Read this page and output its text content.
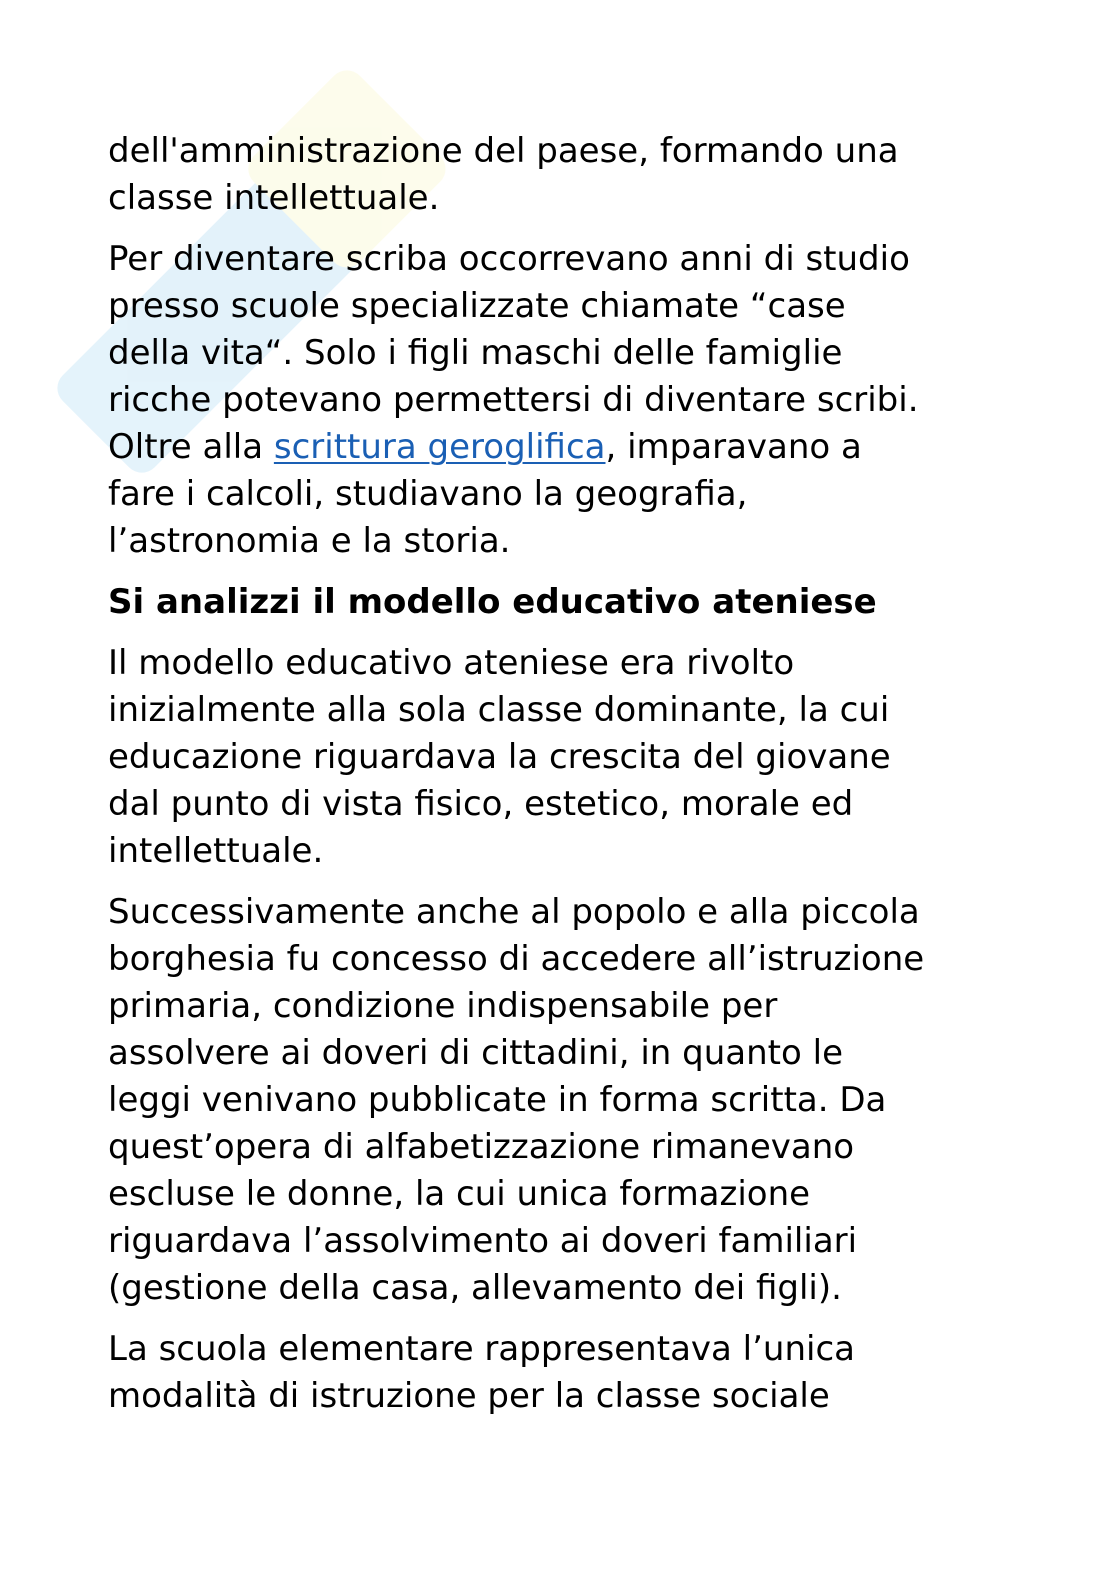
dell'amministrazione del paese, formando una
classe intellettuale.

Per diventare scriba occorrevano anni di studio
presso scuole specializzate chiamate “case
della vita“. Solo i figli maschi delle famiglie
ricche potevano permettersi di diventare scribi.
Oltre alla scrittura geroglifica, imparavano a
fare i calcoli, studiavano la geografia,
l’astronomia e la storia.

Si analizzi il modello educativo ateniese

Il modello educativo ateniese era rivolto
inizialmente alla sola classe dominante, la cui
educazione riguardava la crescita del giovane
dal punto di vista fisico, estetico, morale ed
intellettuale.

Successivamente anche al popolo e alla piccola
borghesia fu concesso di accedere all’istruzione
primaria, condizione indispensabile per
assolvere ai doveri di cittadini, in quanto le
leggi venivano pubblicate in forma scritta. Da
quest’opera di alfabetizzazione rimanevano
escluse le donne, la cui unica formazione
riguardava l’assolvimento ai doveri familiari
(gestione della casa, allevamento dei figli).

La scuola elementare rappresentava l’unica
modalità di istruzione per la classe sociale
